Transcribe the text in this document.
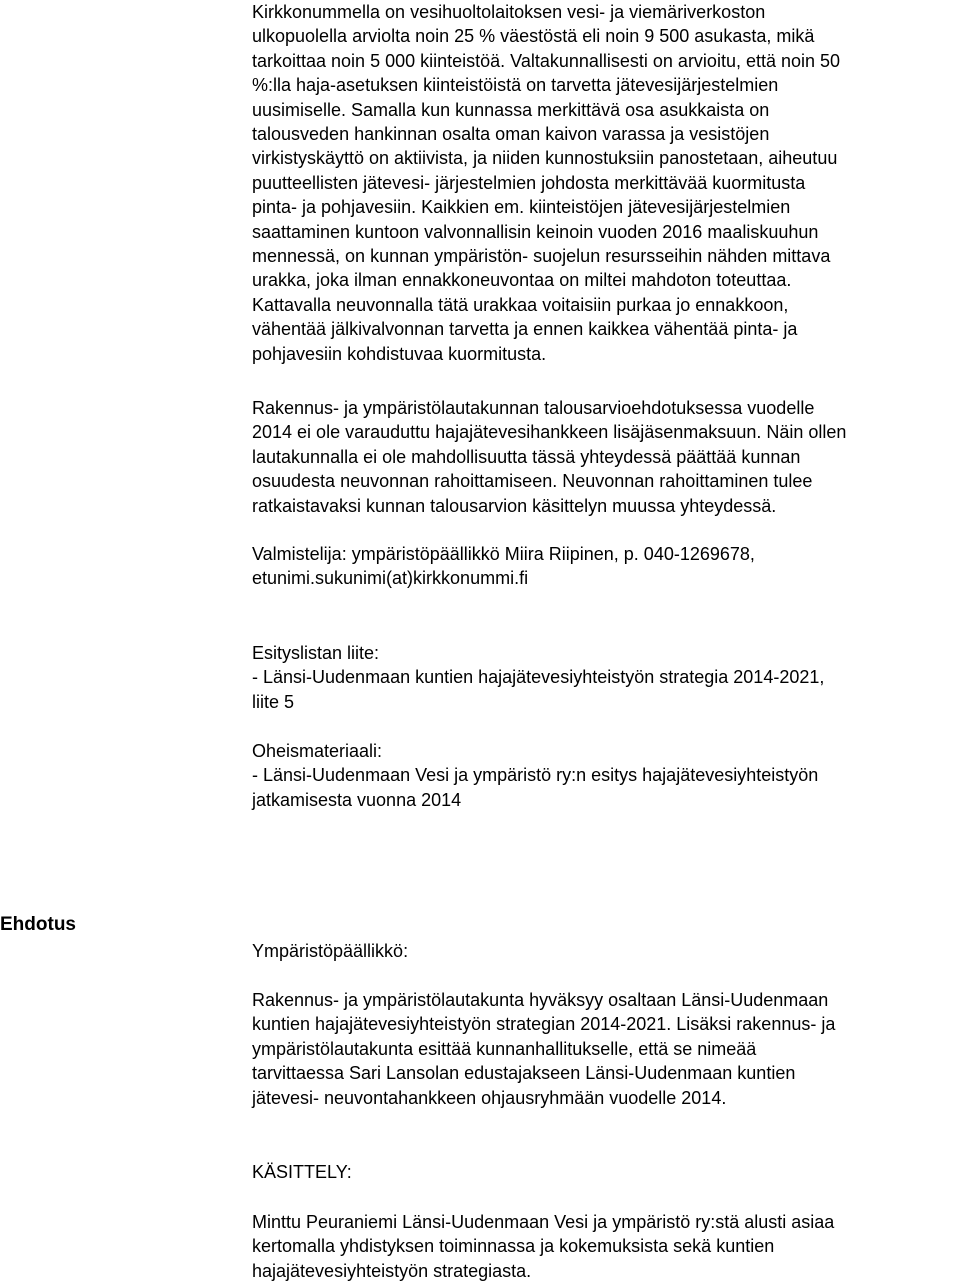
Kirkkonummella on vesihuoltolaitoksen vesi- ja viemäriverkoston
ulkopuolella arviolta noin 25 % väestöstä eli noin 9 500 asukasta, mikä
tarkoittaa noin 5 000 kiinteistöä. Valtakunnallisesti on arvioitu, että noin 50
%:lla haja-asetuksen kiinteistöistä on tarvetta jätevesijärjestelmien
uusimiselle. Samalla kun kunnassa merkittävä osa asukkaista on
talousveden hankinnan osalta oman kaivon varassa ja vesistöjen
virkistyskäyttö on aktiivista, ja niiden kunnostuksiin panostetaan, aiheutuu
puutteellisten jätevesi- järjestelmien johdosta merkittävää kuormitusta
pinta- ja pohjavesiin. Kaikkien em. kiinteistöjen jätevesijärjestelmien
saattaminen kuntoon valvonnallisin keinoin vuoden 2016 maaliskuuhun
mennessä, on kunnan ympäristön- suojelun resursseihin nähden mittava
urakka, joka ilman ennakkoneuvontaa on miltei mahdoton toteuttaa.
Kattavalla neuvonnalla tätä urakkaa voitaisiin purkaa jo ennakkoon,
vähentää jälkivalvonnan tarvetta ja ennen kaikkea vähentää pinta- ja
pohjavesiin kohdistuvaa kuormitusta.
Rakennus- ja ympäristölautakunnan talousarvioehdotuksessa vuodelle
2014 ei ole varauduttu hajajätevesihankkeen lisäjäsenmaksuun. Näin ollen
lautakunnalla ei ole mahdollisuutta tässä yhteydessä päättää kunnan
osuudesta neuvonnan rahoittamiseen. Neuvonnan rahoittaminen tulee
ratkaistavaksi kunnan talousarvion käsittelyn muussa yhteydessä.
Valmistelija: ympäristöpäällikkö Miira Riipinen, p. 040-1269678,
etunimi.sukunimi(at)kirkkonummi.fi
Esityslistan liite:
- Länsi-Uudenmaan kuntien hajajätevesiyhteistyön strategia 2014-2021,
liite 5
Oheismateriaali:
- Länsi-Uudenmaan Vesi ja ympäristö ry:n esitys hajajätevesiyhteistyön
jatkamisesta vuonna 2014
Ehdotus
Ympäristöpäällikkö:
Rakennus- ja ympäristölautakunta hyväksyy osaltaan Länsi-Uudenmaan
kuntien hajajätevesiyhteistyön strategian 2014-2021. Lisäksi rakennus- ja
ympäristölautakunta esittää kunnanhallitukselle, että se nimeää
tarvittaessa Sari Lansolan edustajakseen Länsi-Uudenmaan kuntien
jätevesi- neuvontahankkeen ohjausryhmään vuodelle 2014.
KÄSITTELY:
Minttu Peuraniemi Länsi-Uudenmaan Vesi ja ympäristö ry:stä alusti asiaa
kertomalla yhdistyksen toiminnassa ja kokemuksista sekä kuntien
hajajätevesiyhteistyön strategiasta.
